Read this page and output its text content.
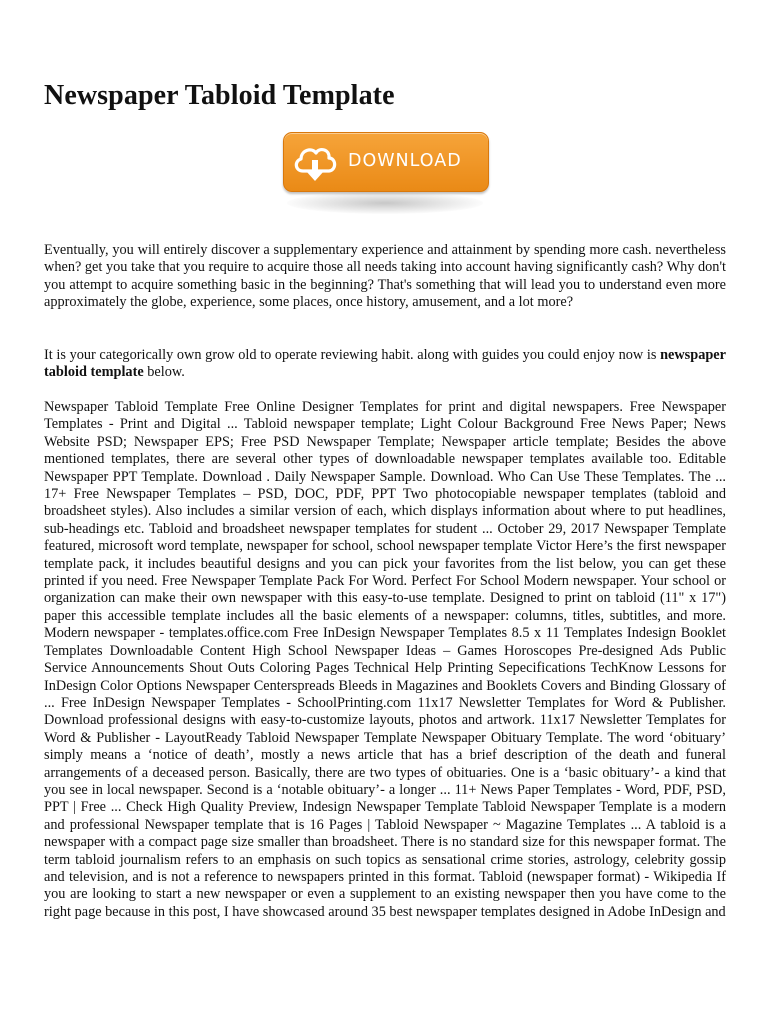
Newspaper Tabloid Template
DOWNLOAD

Eventually, you will entirely discover a supplementary experience and attainment by spending more cash. nevertheless when? get you take that you require to acquire those all needs taking into account having significantly cash? Why don't you attempt to acquire something basic in the beginning? That's something that will lead you to understand even more approximately the globe, experience, some places, once history, amusement, and a lot more?

It is your categorically own grow old to operate reviewing habit. along with guides you could enjoy now is newspaper tabloid template below.

Newspaper Tabloid Template Free Online Designer Templates for print and digital newspapers. Free Newspaper Templates - Print and Digital ... Tabloid newspaper template; Light Colour Background Free News Paper; News Website PSD; Newspaper EPS; Free PSD Newspaper Template; Newspaper article template; Besides the above mentioned templates, there are several other types of downloadable newspaper templates available too. Editable Newspaper PPT Template. Download . Daily Newspaper Sample. Download. Who Can Use These Templates. The ... 17+ Free Newspaper Templates – PSD, DOC, PDF, PPT Two photocopiable newspaper templates (tabloid and broadsheet styles). Also includes a similar version of each, which displays information about where to put headlines, sub-headings etc. Tabloid and broadsheet newspaper templates for student ... October 29, 2017 Newspaper Template featured, microsoft word template, newspaper for school, school newspaper template Victor Here’s the first newspaper template pack, it includes beautiful designs and you can pick your favorites from the list below, you can get these printed if you need. Free Newspaper Template Pack For Word. Perfect For School Modern newspaper. Your school or organization can make their own newspaper with this easy-to-use template. Designed to print on tabloid (11" x 17") paper this accessible template includes all the basic elements of a newspaper: columns, titles, subtitles, and more. Modern newspaper - templates.office.com Free InDesign Newspaper Templates 8.5 x 11 Templates Indesign Booklet Templates Downloadable Content High School Newspaper Ideas – Games Horoscopes Pre-designed Ads Public Service Announcements Shout Outs Coloring Pages Technical Help Printing Sepecifications TechKnow Lessons for InDesign Color Options Newspaper Centerspreads Bleeds in Magazines and Booklets Covers and Binding Glossary of ... Free InDesign Newspaper Templates - SchoolPrinting.com 11x17 Newsletter Templates for Word & Publisher. Download professional designs with easy-to-customize layouts, photos and artwork. 11x17 Newsletter Templates for Word & Publisher - LayoutReady Tabloid Newspaper Template Newspaper Obituary Template. The word ‘obituary’ simply means a ‘notice of death’, mostly a news article that has a brief description of the death and funeral arrangements of a deceased person. Basically, there are two types of obituaries. One is a ‘basic obituary’- a kind that you see in local newspaper. Second is a ‘notable obituary’- a longer ... 11+ News Paper Templates - Word, PDF, PSD, PPT | Free ... Check High Quality Preview, Indesign Newspaper Template Tabloid Newspaper Template is a modern and professional Newspaper template that is 16 Pages | Tabloid Newspaper ~ Magazine Templates ... A tabloid is a newspaper with a compact page size smaller than broadsheet. There is no standard size for this newspaper format. The term tabloid journalism refers to an emphasis on such topics as sensational crime stories, astrology, celebrity gossip and television, and is not a reference to newspapers printed in this format. Tabloid (newspaper format) - Wikipedia If you are looking to start a new newspaper or even a supplement to an existing newspaper then you have come to the right page because in this post, I have showcased around 35 best newspaper templates designed in Adobe InDesign and
